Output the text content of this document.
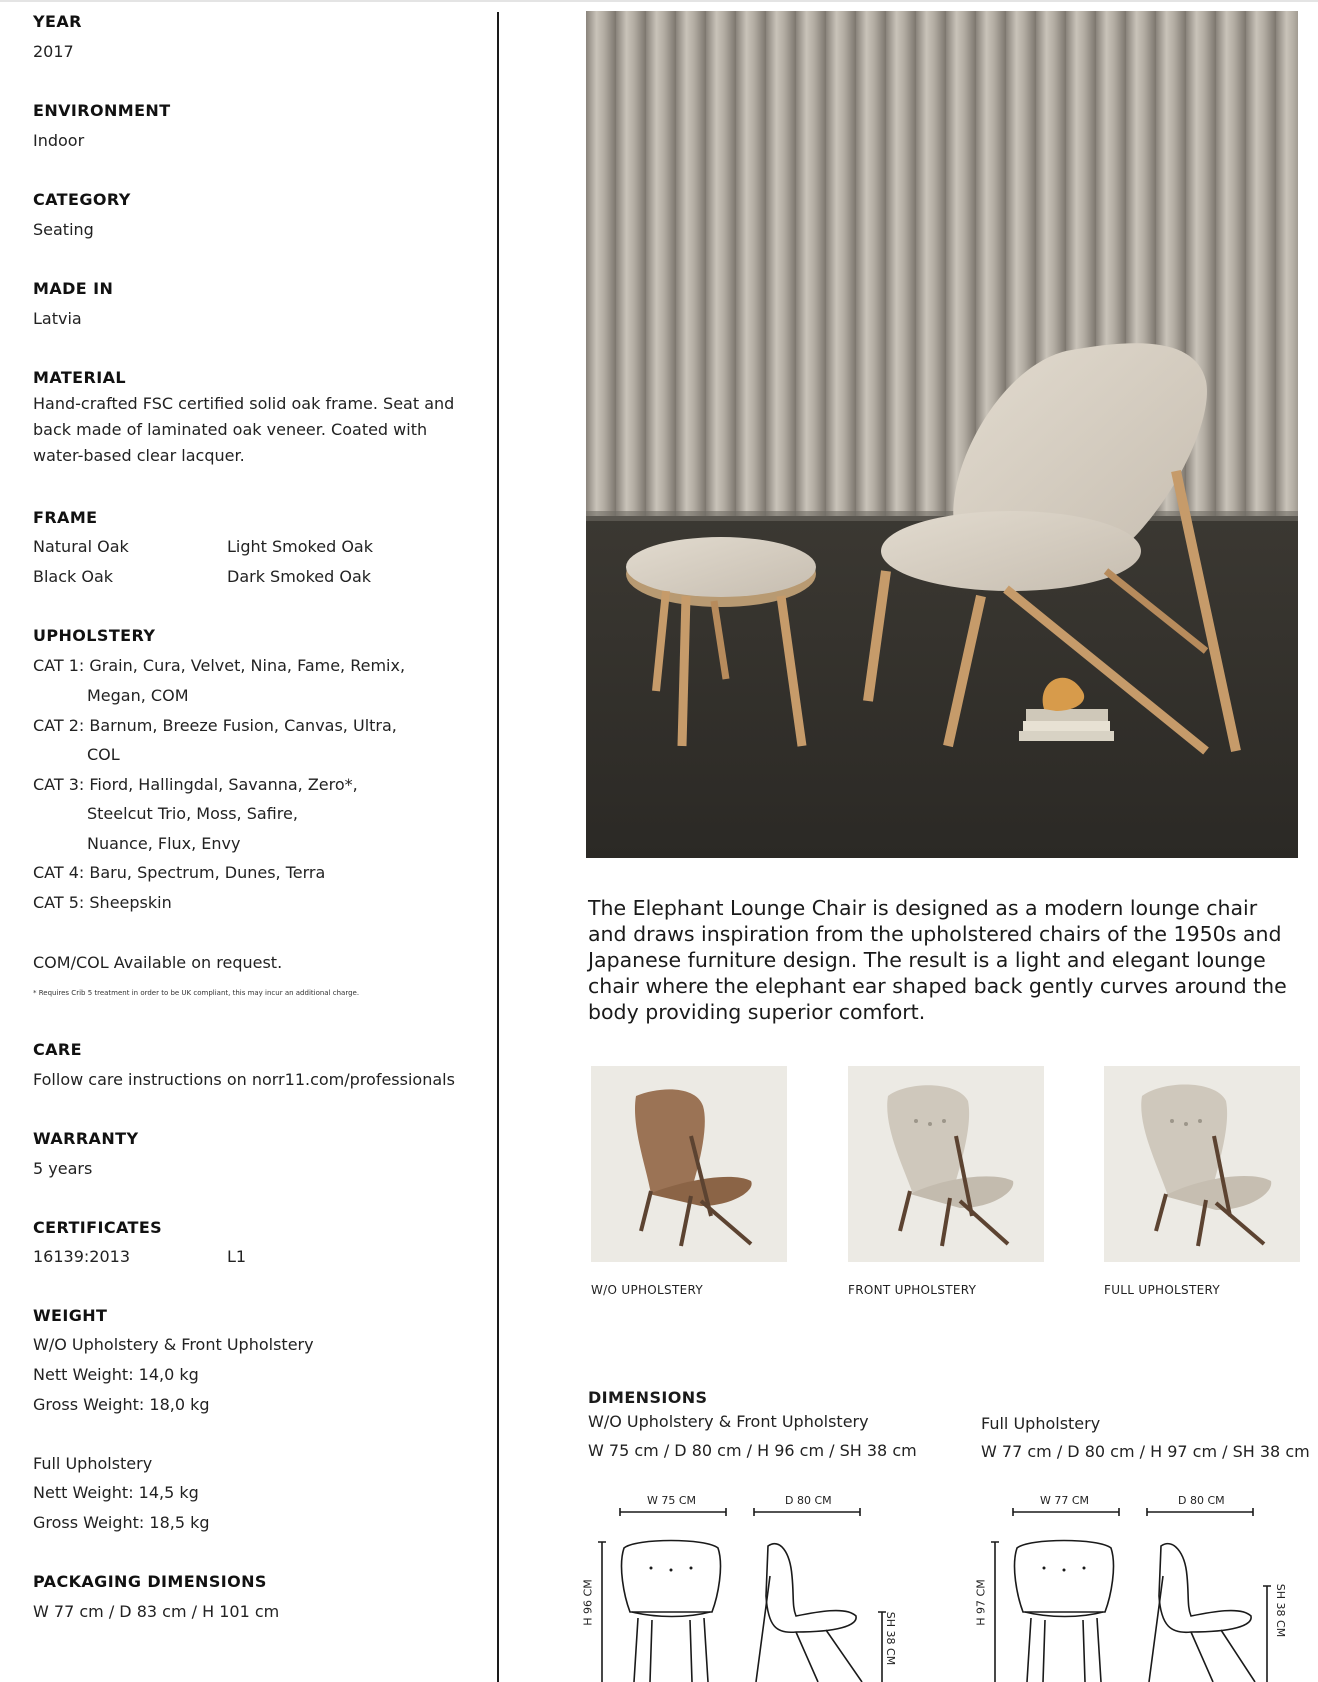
YEAR
2017
ENVIRONMENT
Indoor
CATEGORY
Seating
MADE IN
Latvia
MATERIAL
Hand-crafted FSC certified solid oak frame. Seat and back made of laminated oak veneer. Coated with water-based clear lacquer.
FRAME
Natural Oak	Light Smoked Oak
Black Oak	Dark Smoked Oak
UPHOLSTERY
CAT 1: Grain, Cura, Velvet, Nina, Fame, Remix,
Megan, COM
CAT 2: Barnum, Breeze Fusion, Canvas, Ultra,
COL
CAT 3: Fiord, Hallingdal, Savanna, Zero*,
Steelcut Trio, Moss, Safire,
Nuance, Flux, Envy
CAT 4: Baru, Spectrum, Dunes, Terra
CAT 5: Sheepskin
COM/COL Available on request.
* Requires Crib 5 treatment in order to be UK compliant, this may incur an additional charge.
CARE
Follow care instructions on norr11.com/professionals
WARRANTY
5 years
CERTIFICATES
16139:2013	L1
WEIGHT
W/O Upholstery & Front Upholstery
Nett Weight: 14,0 kg
Gross Weight: 18,0 kg
Full Upholstery
Nett Weight: 14,5 kg
Gross Weight: 18,5 kg
PACKAGING DIMENSIONS
W 77 cm / D 83 cm / H 101 cm
The Elephant Lounge Chair is designed as a modern lounge chair and draws inspiration from the upholstered chairs of the 1950s and Japanese furniture design. The result is a light and elegant lounge chair where the elephant ear shaped back gently curves around the body providing superior comfort.
W/O UPHOLSTERY	FRONT UPHOLSTERY	FULL UPHOLSTERY
DIMENSIONS
W/O Upholstery & Front Upholstery
W 75 cm / D 80 cm / H 96 cm / SH 38 cm
Full Upholstery
W 77 cm / D 80 cm / H 97 cm / SH 38 cm
W 75 CM	D 80 CM
H 96 CM
SH 38 CM
W 77 CM	D 80 CM
H 97 CM	SH 38 CM
